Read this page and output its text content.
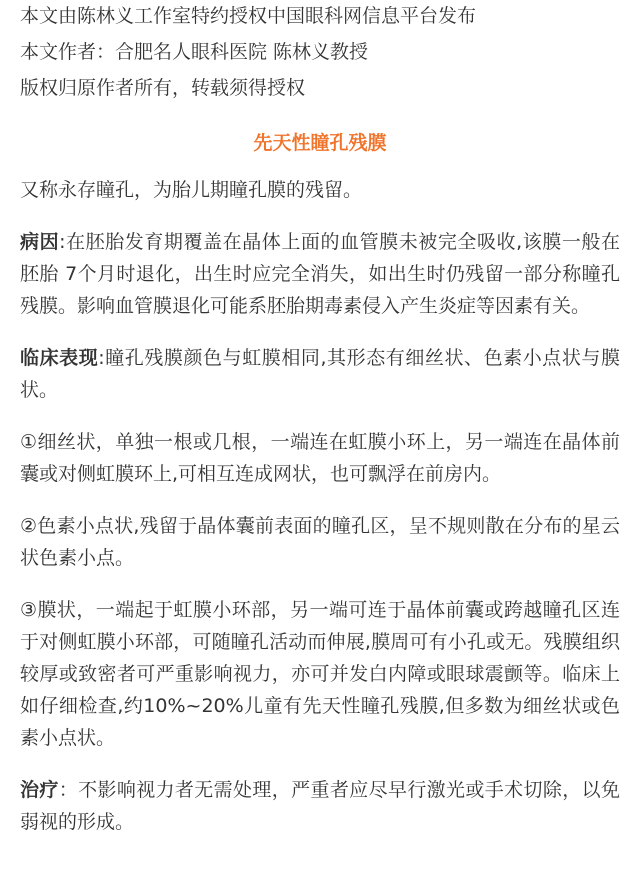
本文由陈林义工作室特约授权中国眼科网信息平台发布

本文作者：合肥名人眼科医院 陈林义教授

版权归原作者所有，转载须得授权

先天性瞳孔残膜

又称永存瞳孔，为胎儿期瞳孔膜的残留。

病因:在胚胎发育期覆盖在晶体上面的血管膜未被完全吸收,该膜一般在胚胎 7个月时退化，出生时应完全消失，如出生时仍残留一部分称瞳孔残膜。影响血管膜退化可能系胚胎期毒素侵入产生炎症等因素有关。

临床表现:瞳孔残膜颜色与虹膜相同,其形态有细丝状、色素小点状与膜状。

①细丝状，单独一根或几根，一端连在虹膜小环上，另一端连在晶体前囊或对侧虹膜环上,可相互连成网状，也可飘浮在前房内。

②色素小点状,残留于晶体囊前表面的瞳孔区，呈不规则散在分布的星云状色素小点。

③膜状，一端起于虹膜小环部，另一端可连于晶体前囊或跨越瞳孔区连于对侧虹膜小环部，可随瞳孔活动而伸展,膜周可有小孔或无。残膜组织较厚或致密者可严重影响视力，亦可并发白内障或眼球震颤等。临床上如仔细检查,约10%~20%儿童有先天性瞳孔残膜,但多数为细丝状或色素小点状。

治疗：不影响视力者无需处理，严重者应尽早行激光或手术切除，以免弱视的形成。
